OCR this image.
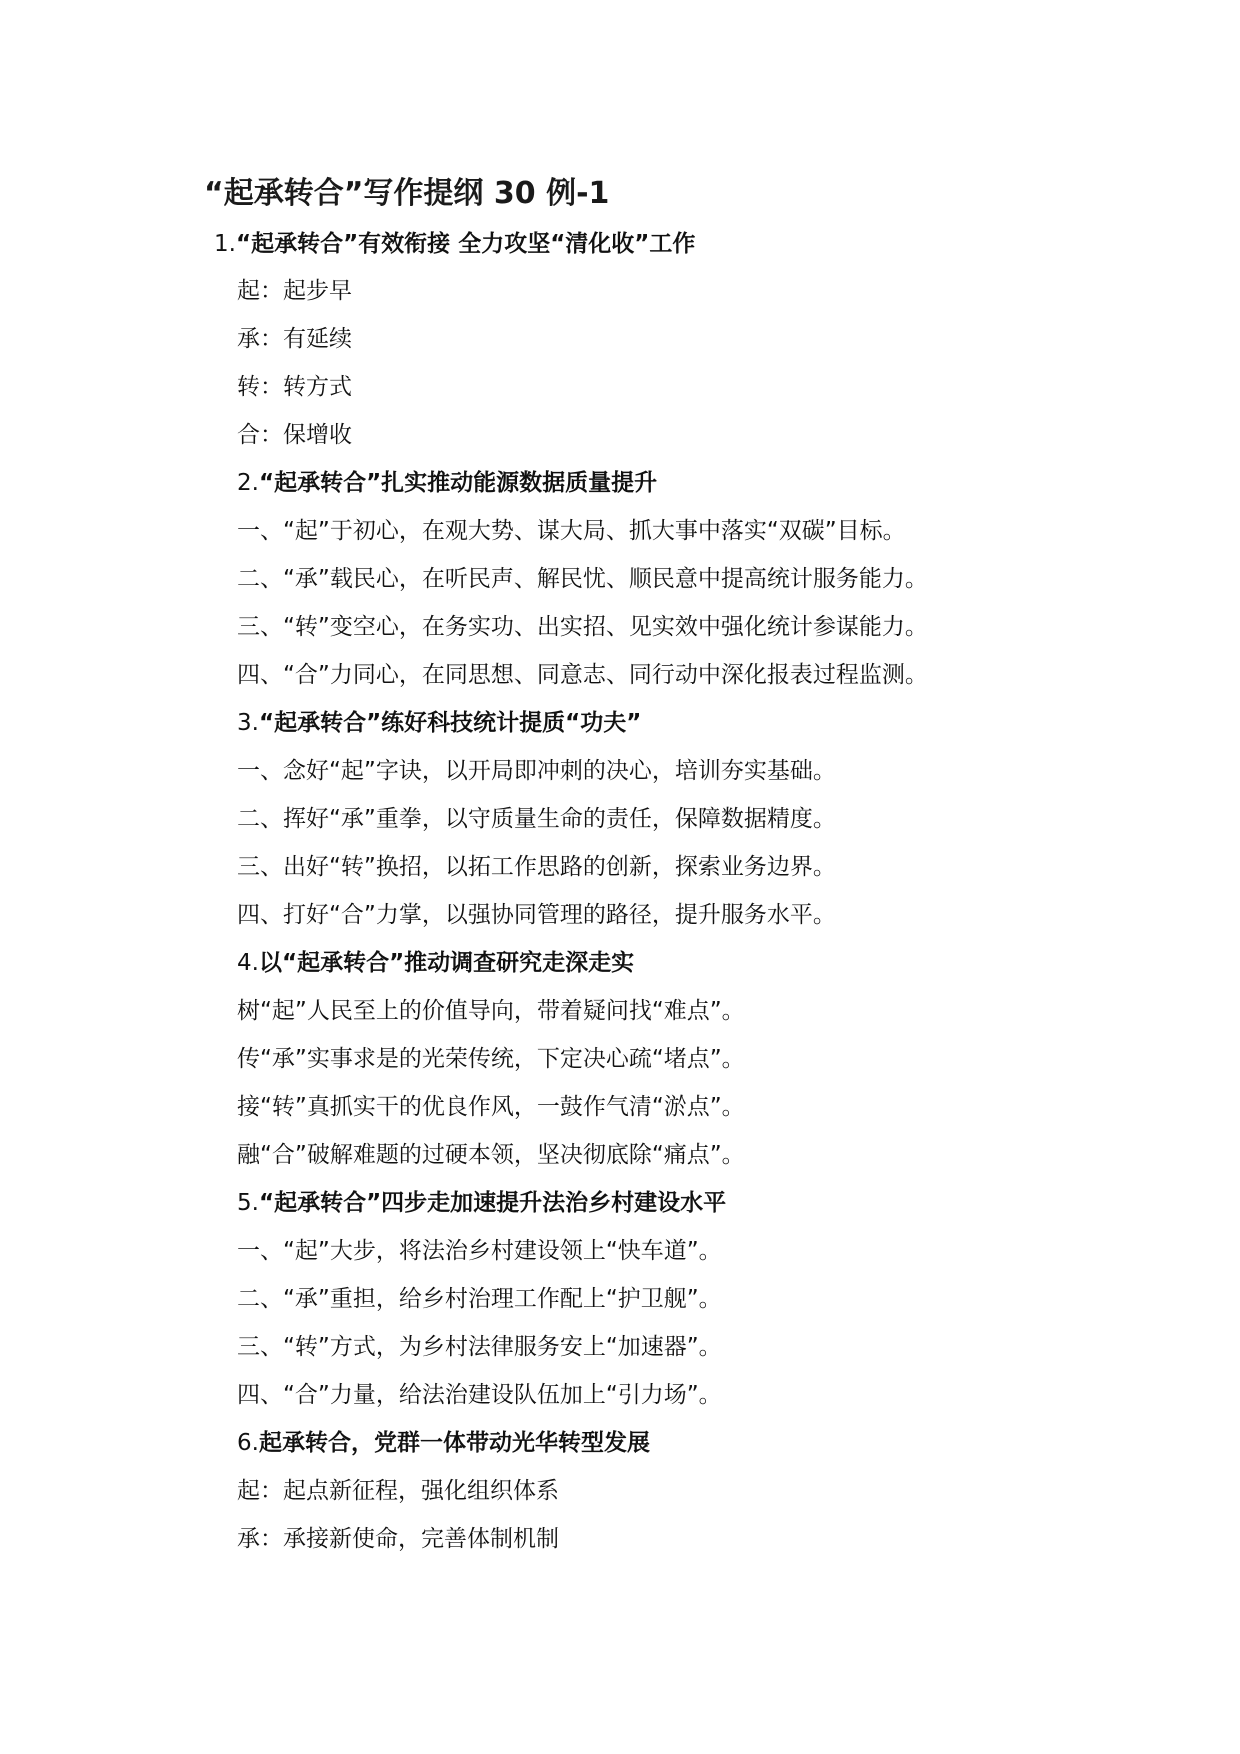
“起承转合”写作提纲 30 例-1
1.“起承转合”有效衔接 全力攻坚“清化收”工作
起：起步早
承：有延续
转：转方式
合：保增收
2.“起承转合”扎实推动能源数据质量提升
一、“起”于初心，在观大势、谋大局、抓大事中落实“双碳”目标。
二、“承”载民心，在听民声、解民忧、顺民意中提高统计服务能力。
三、“转”变空心，在务实功、出实招、见实效中强化统计参谋能力。
四、“合”力同心，在同思想、同意志、同行动中深化报表过程监测。
3.“起承转合”练好科技统计提质“功夫”
一、念好“起”字诀，以开局即冲刺的决心，培训夯实基础。
二、挥好“承”重拳，以守质量生命的责任，保障数据精度。
三、出好“转”换招，以拓工作思路的创新，探索业务边界。
四、打好“合”力掌，以强协同管理的路径，提升服务水平。
4.以“起承转合”推动调查研究走深走实
树“起”人民至上的价值导向，带着疑问找“难点”。
传“承”实事求是的光荣传统，下定决心疏“堵点”。
接“转”真抓实干的优良作风，一鼓作气清“淤点”。
融“合”破解难题的过硬本领，坚决彻底除“痛点”。
5.“起承转合”四步走加速提升法治乡村建设水平
一、“起”大步，将法治乡村建设领上“快车道”。
二、“承”重担，给乡村治理工作配上“护卫舰”。
三、“转”方式，为乡村法律服务安上“加速器”。
四、“合”力量，给法治建设队伍加上“引力场”。
6.起承转合，党群一体带动光华转型发展
起：起点新征程，强化组织体系
承：承接新使命，完善体制机制
